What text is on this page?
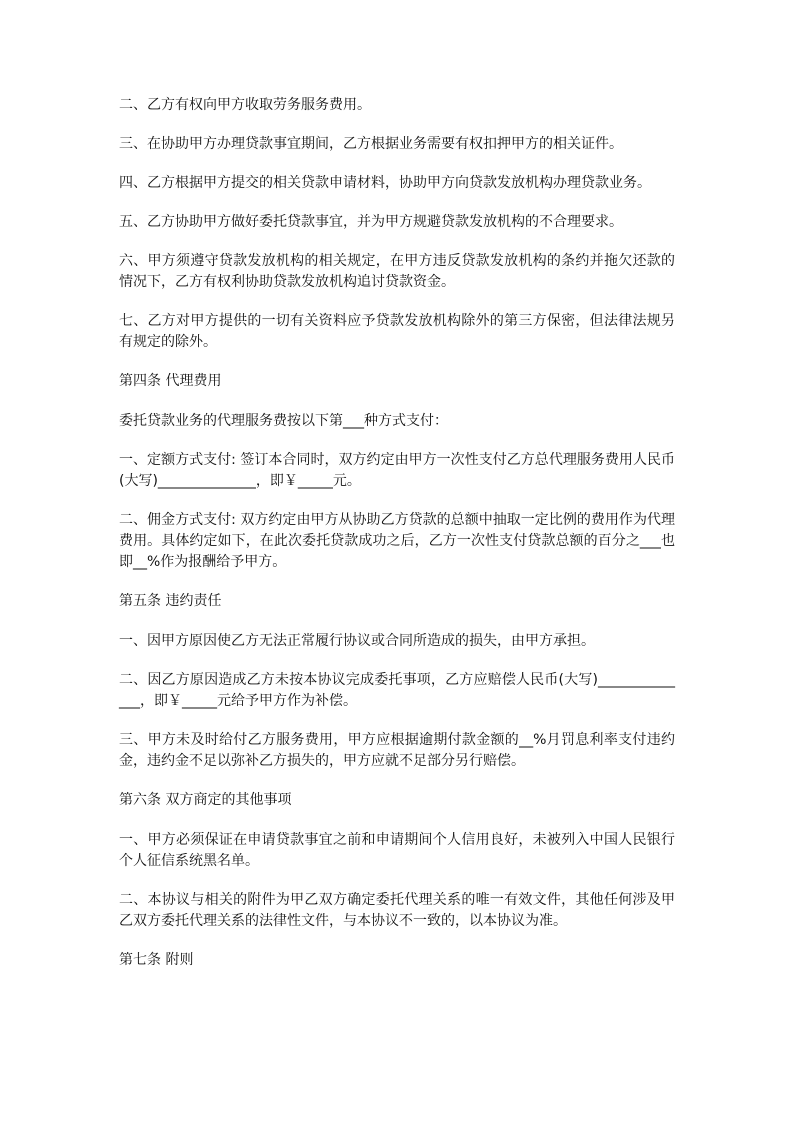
二、乙方有权向甲方收取劳务服务费用。

三、在协助甲方办理贷款事宜期间，乙方根据业务需要有权扣押甲方的相关证件。

四、乙方根据甲方提交的相关贷款申请材料，协助甲方向贷款发放机构办理贷款业务。

五、乙方协助甲方做好委托贷款事宜，并为甲方规避贷款发放机构的不合理要求。

六、甲方须遵守贷款发放机构的相关规定，在甲方违反贷款发放机构的条约并拖欠还款的情况下，乙方有权利协助贷款发放机构追讨贷款资金。

七、乙方对甲方提供的一切有关资料应予贷款发放机构除外的第三方保密，但法律法规另有规定的除外。

第四条 代理费用

委托贷款业务的代理服务费按以下第___种方式支付：

一、定额方式支付: 签订本合同时，双方约定由甲方一次性支付乙方总代理服务费用人民币(大写)______________，即￥_____元。

二、佣金方式支付: 双方约定由甲方从协助乙方贷款的总额中抽取一定比例的费用作为代理费用。具体约定如下，在此次委托贷款成功之后，乙方一次性支付贷款总额的百分之___也即__%作为报酬给予甲方。

第五条 违约责任

一、因甲方原因使乙方无法正常履行协议或合同所造成的损失，由甲方承担。

二、因乙方原因造成乙方未按本协议完成委托事项，乙方应赔偿人民币(大写)______________，即￥_____元给予甲方作为补偿。

三、甲方未及时给付乙方服务费用，甲方应根据逾期付款金额的__%月罚息利率支付违约金，违约金不足以弥补乙方损失的，甲方应就不足部分另行赔偿。

第六条 双方商定的其他事项

一、甲方必须保证在申请贷款事宜之前和申请期间个人信用良好，未被列入中国人民银行个人征信系统黑名单。

二、本协议与相关的附件为甲乙双方确定委托代理关系的唯一有效文件，其他任何涉及甲乙双方委托代理关系的法律性文件，与本协议不一致的，以本协议为准。

第七条 附则
